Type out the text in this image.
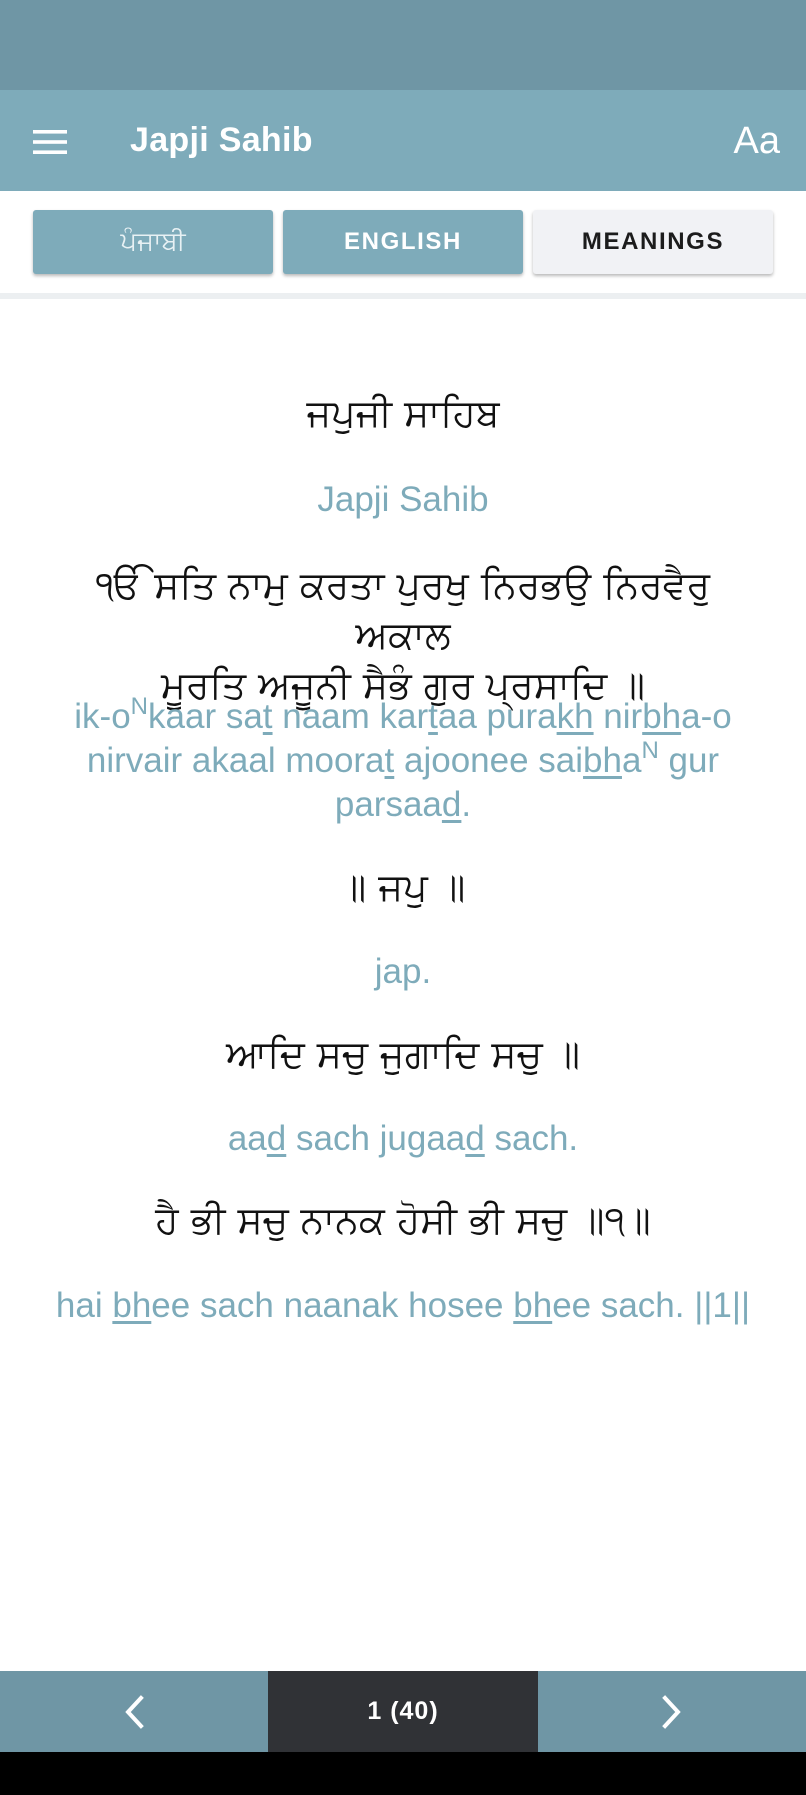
Japji Sahib	Aa
ਪੰਜਾਬੀ	ENGLISH	MEANINGS
ਜਪੁਜੀ ਸਾਹਿਬ
Japji Sahib
ੴ ਸਤਿ ਨਾਮੁ ਕਰਤਾ ਪੁਰਖੁ ਨਿਰਭਉ ਨਿਰਵੈਰੁ ਅਕਾਲ
ਮੂਰਤਿ ਅਜੂਨੀ ਸੈਭੰ ਗੁਰ ਪ੍ਰਸਾਦਿ ॥
$ik-o^Nkaar$ sat naam kartaa purakh nirbha-o nirvair akaal moorat ajoonee saibha$^N$ gur parsaad.
॥ ਜਪੁ ॥
jap.
ਆਦਿ ਸਚੁ ਜੁਗਾਦਿ ਸਚੁ ॥
aad sach jugaad sach.
ਹੈ ਭੀ ਸਚੁ ਨਾਨਕ ਹੋਸੀ ਭੀ ਸਚੁ ॥੧॥
hai bhee sach naanak hosee bhee sach. ||1||
1 (40)
